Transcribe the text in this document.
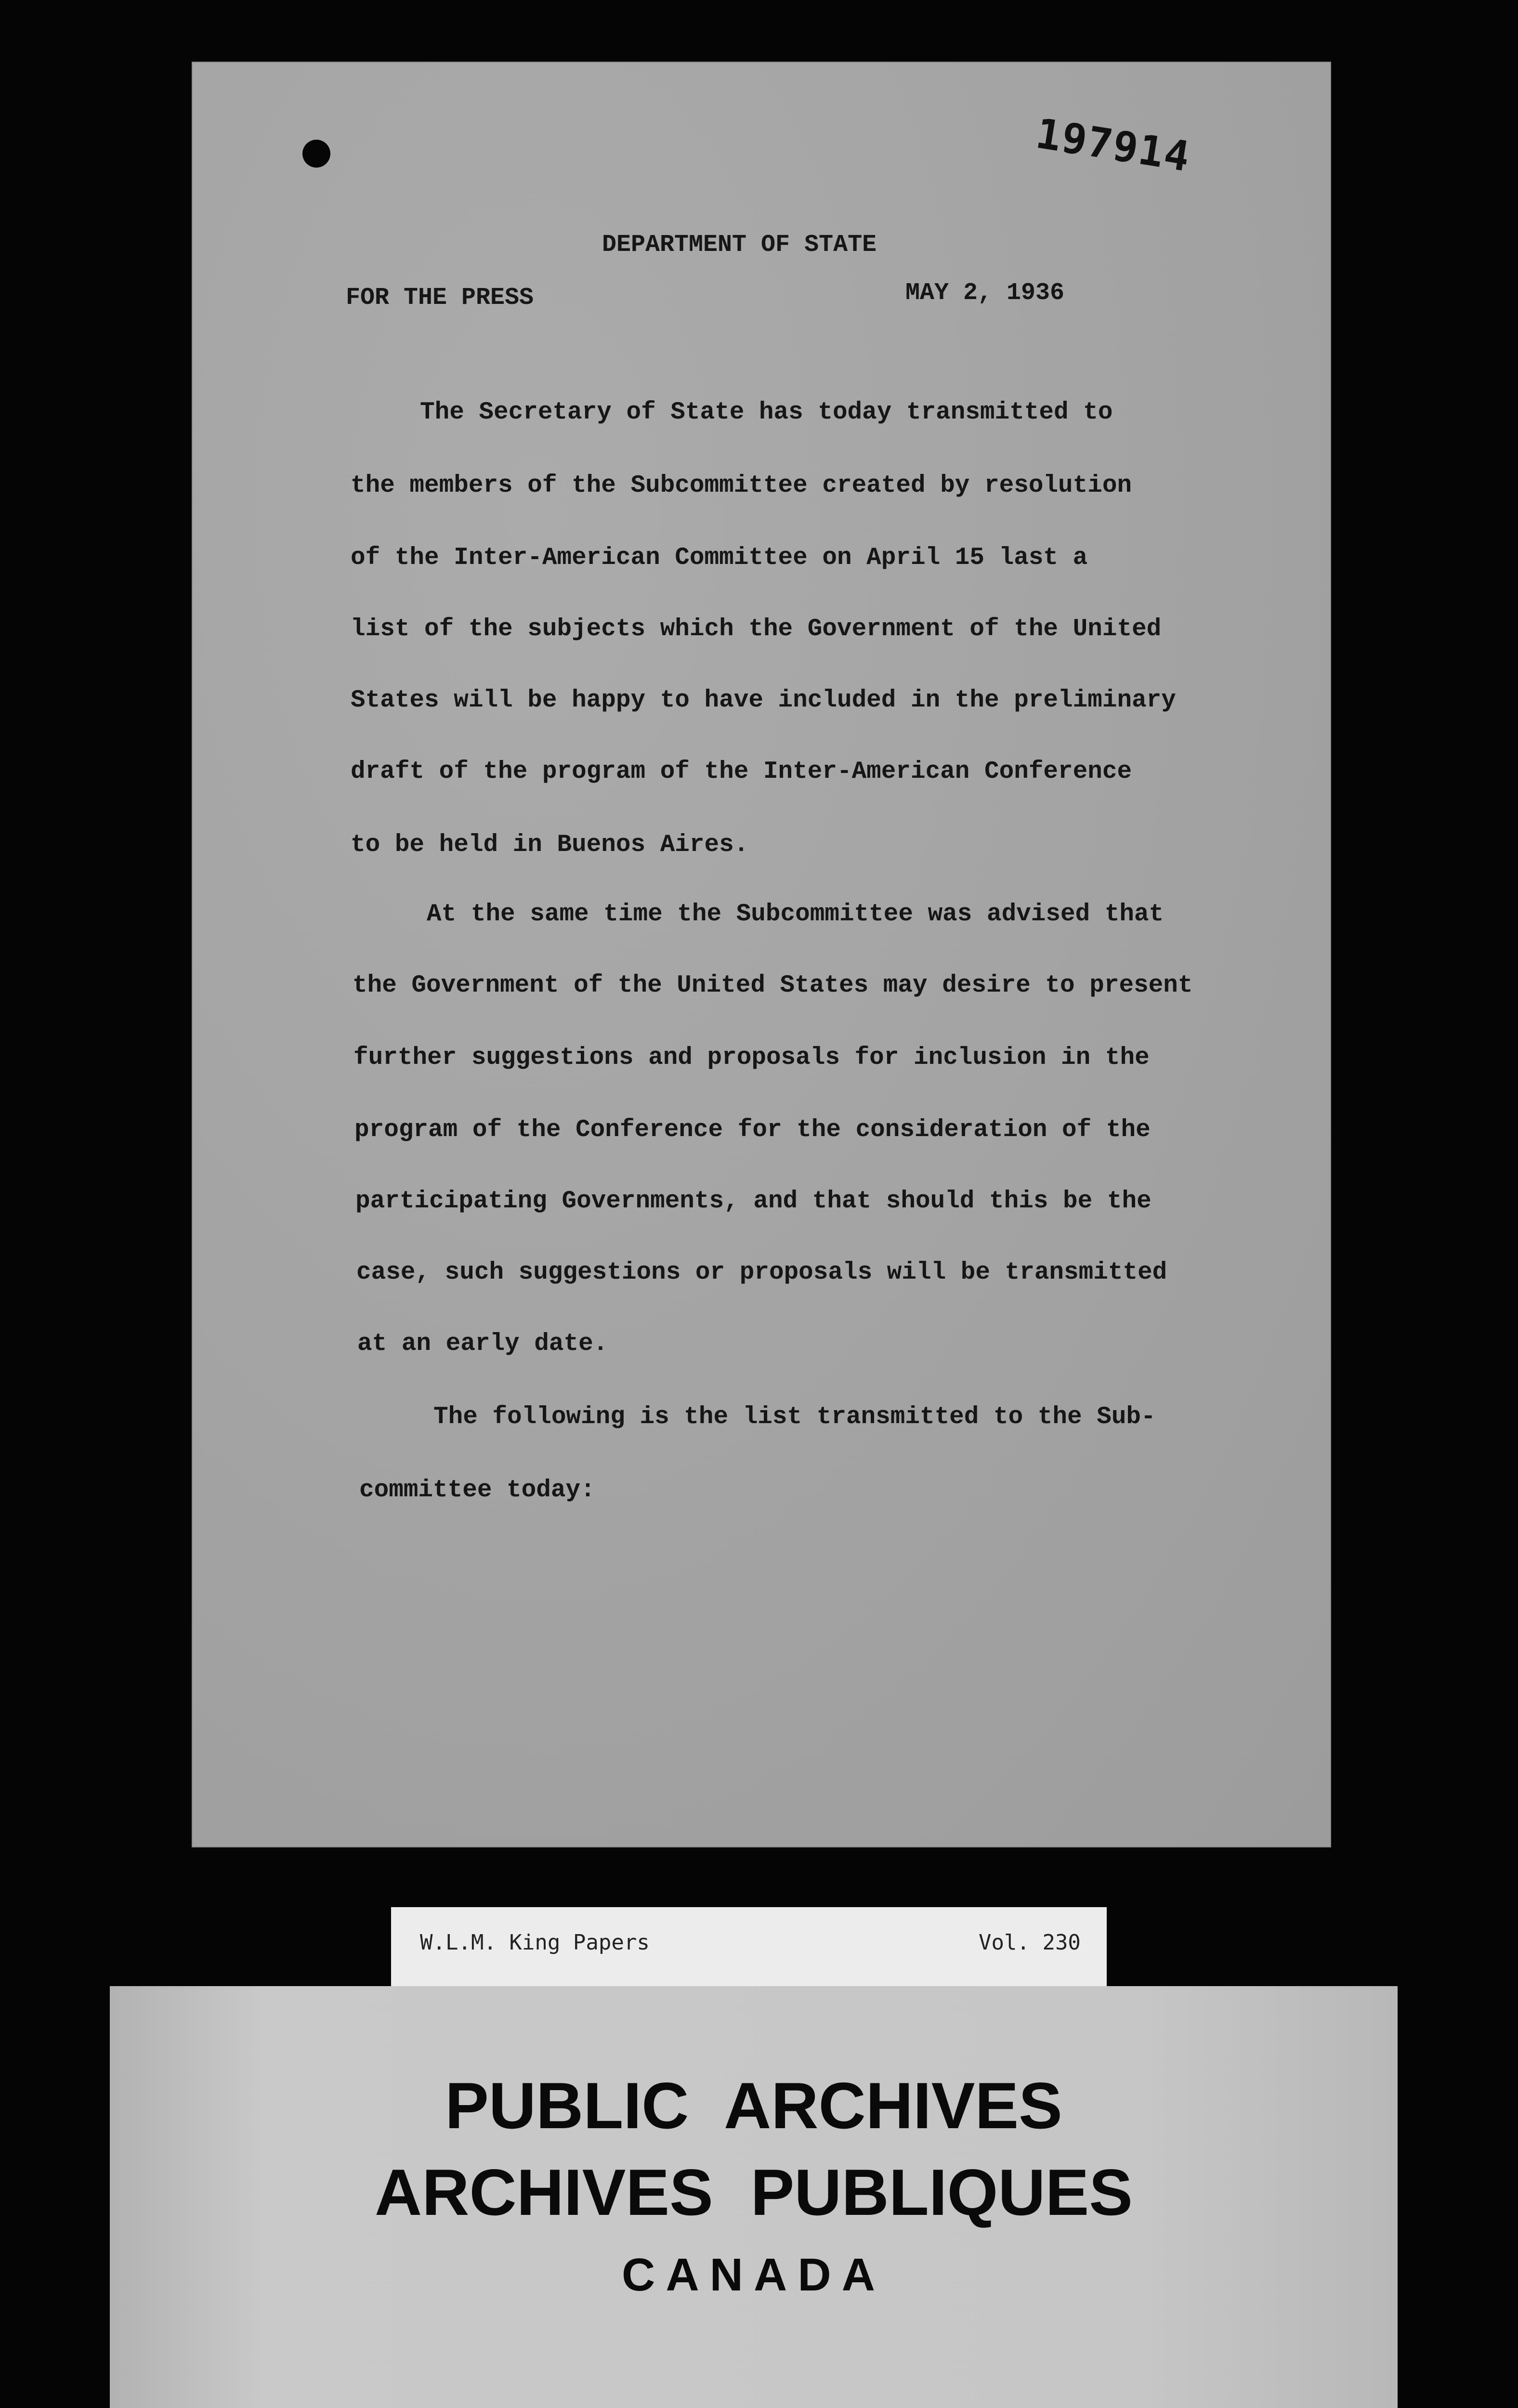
197914
DEPARTMENT OF STATE
FOR THE PRESS	MAY 2, 1936
The Secretary of State has today transmitted to
the members of the Subcommittee created by resolution
of the Inter-American Committee on April 15 last a
list of the subjects which the Government of the United
States will be happy to have included in the preliminary
draft of the program of the Inter-American Conference
to be held in Buenos Aires.
At the same time the Subcommittee was advised that
the Government of the United States may desire to present
further suggestions and proposals for inclusion in the
program of the Conference for the consideration of the
participating Governments, and that should this be the
case, such suggestions or proposals will be transmitted
at an early date.
The following is the list transmitted to the Sub-
committee today:
W.L.M. King Papers	Vol. 230
PUBLIC ARCHIVES
ARCHIVES PUBLIQUES
CANADA
